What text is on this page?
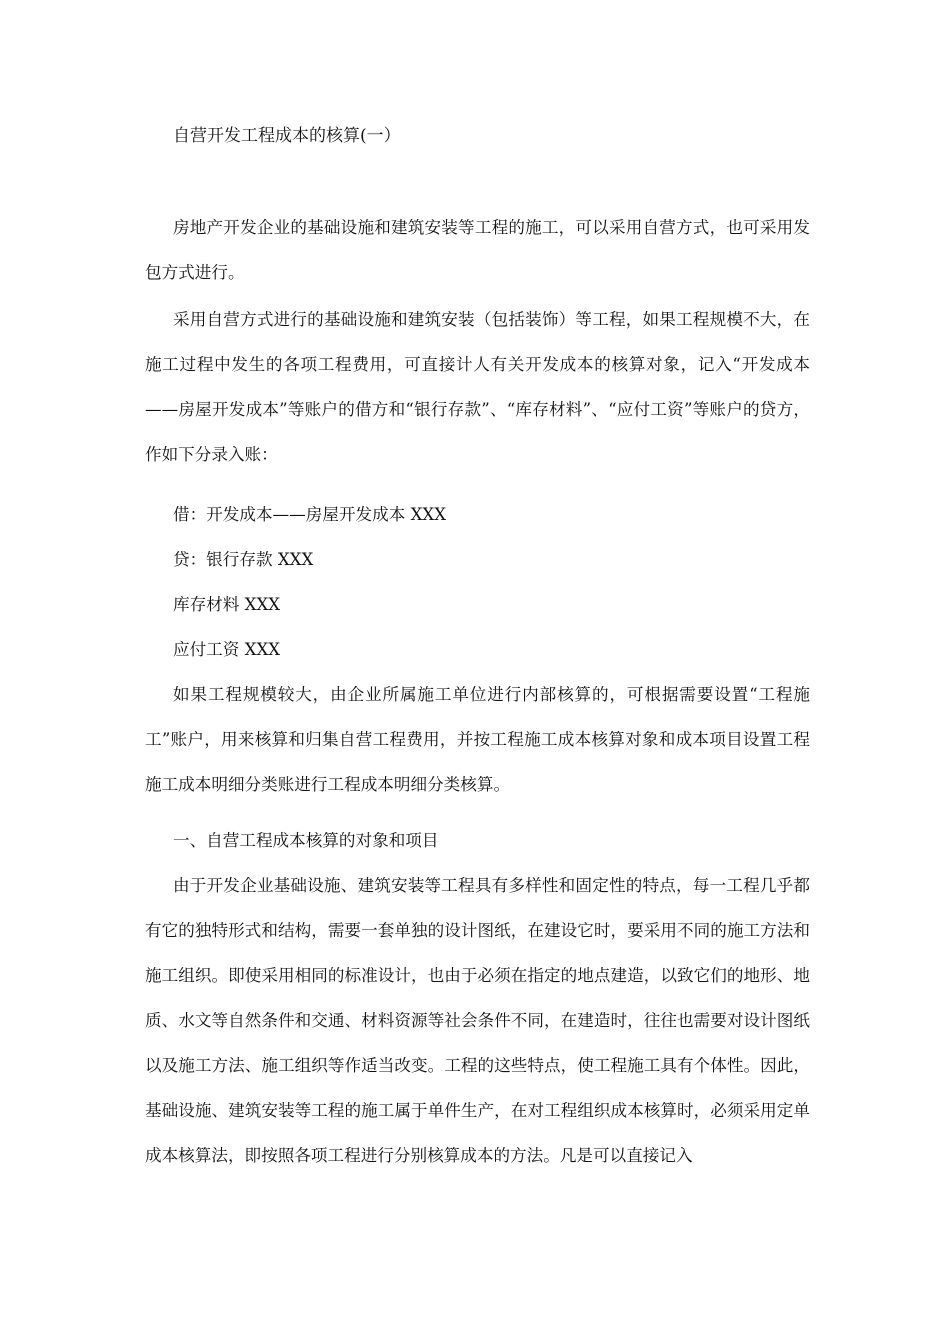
自营开发工程成本的核算(一）

房地产开发企业的基础设施和建筑安装等工程的施工，可以采用自营方式，也可采用发包方式进行。

采用自营方式进行的基础设施和建筑安装（包括装饰）等工程，如果工程规模不大，在施工过程中发生的各项工程费用，可直接计人有关开发成本的核算对象，记入“开发成本——房屋开发成本”等账户的借方和“银行存款”、“库存材料”、“应付工资”等账户的贷方，作如下分录入账：

借：开发成本——房屋开发成本 XXX
贷：银行存款 XXX
库存材料 XXX
应付工资 XXX

如果工程规模较大，由企业所属施工单位进行内部核算的，可根据需要设置“工程施工”账户，用来核算和归集自营工程费用，并按工程施工成本核算对象和成本项目设置工程施工成本明细分类账进行工程成本明细分类核算。

一、自营工程成本核算的对象和项目

由于开发企业基础设施、建筑安装等工程具有多样性和固定性的特点，每一工程几乎都有它的独特形式和结构，需要一套单独的设计图纸，在建设它时，要采用不同的施工方法和施工组织。即使采用相同的标准设计，也由于必须在指定的地点建造，以致它们的地形、地质、水文等自然条件和交通、材料资源等社会条件不同，在建造时，往往也需要对设计图纸以及施工方法、施工组织等作适当改变。工程的这些特点，使工程施工具有个体性。因此，基础设施、建筑安装等工程的施工属于单件生产，在对工程组织成本核算时，必须采用定单成本核算法，即按照各项工程进行分别核算成本的方法。凡是可以直接记入
